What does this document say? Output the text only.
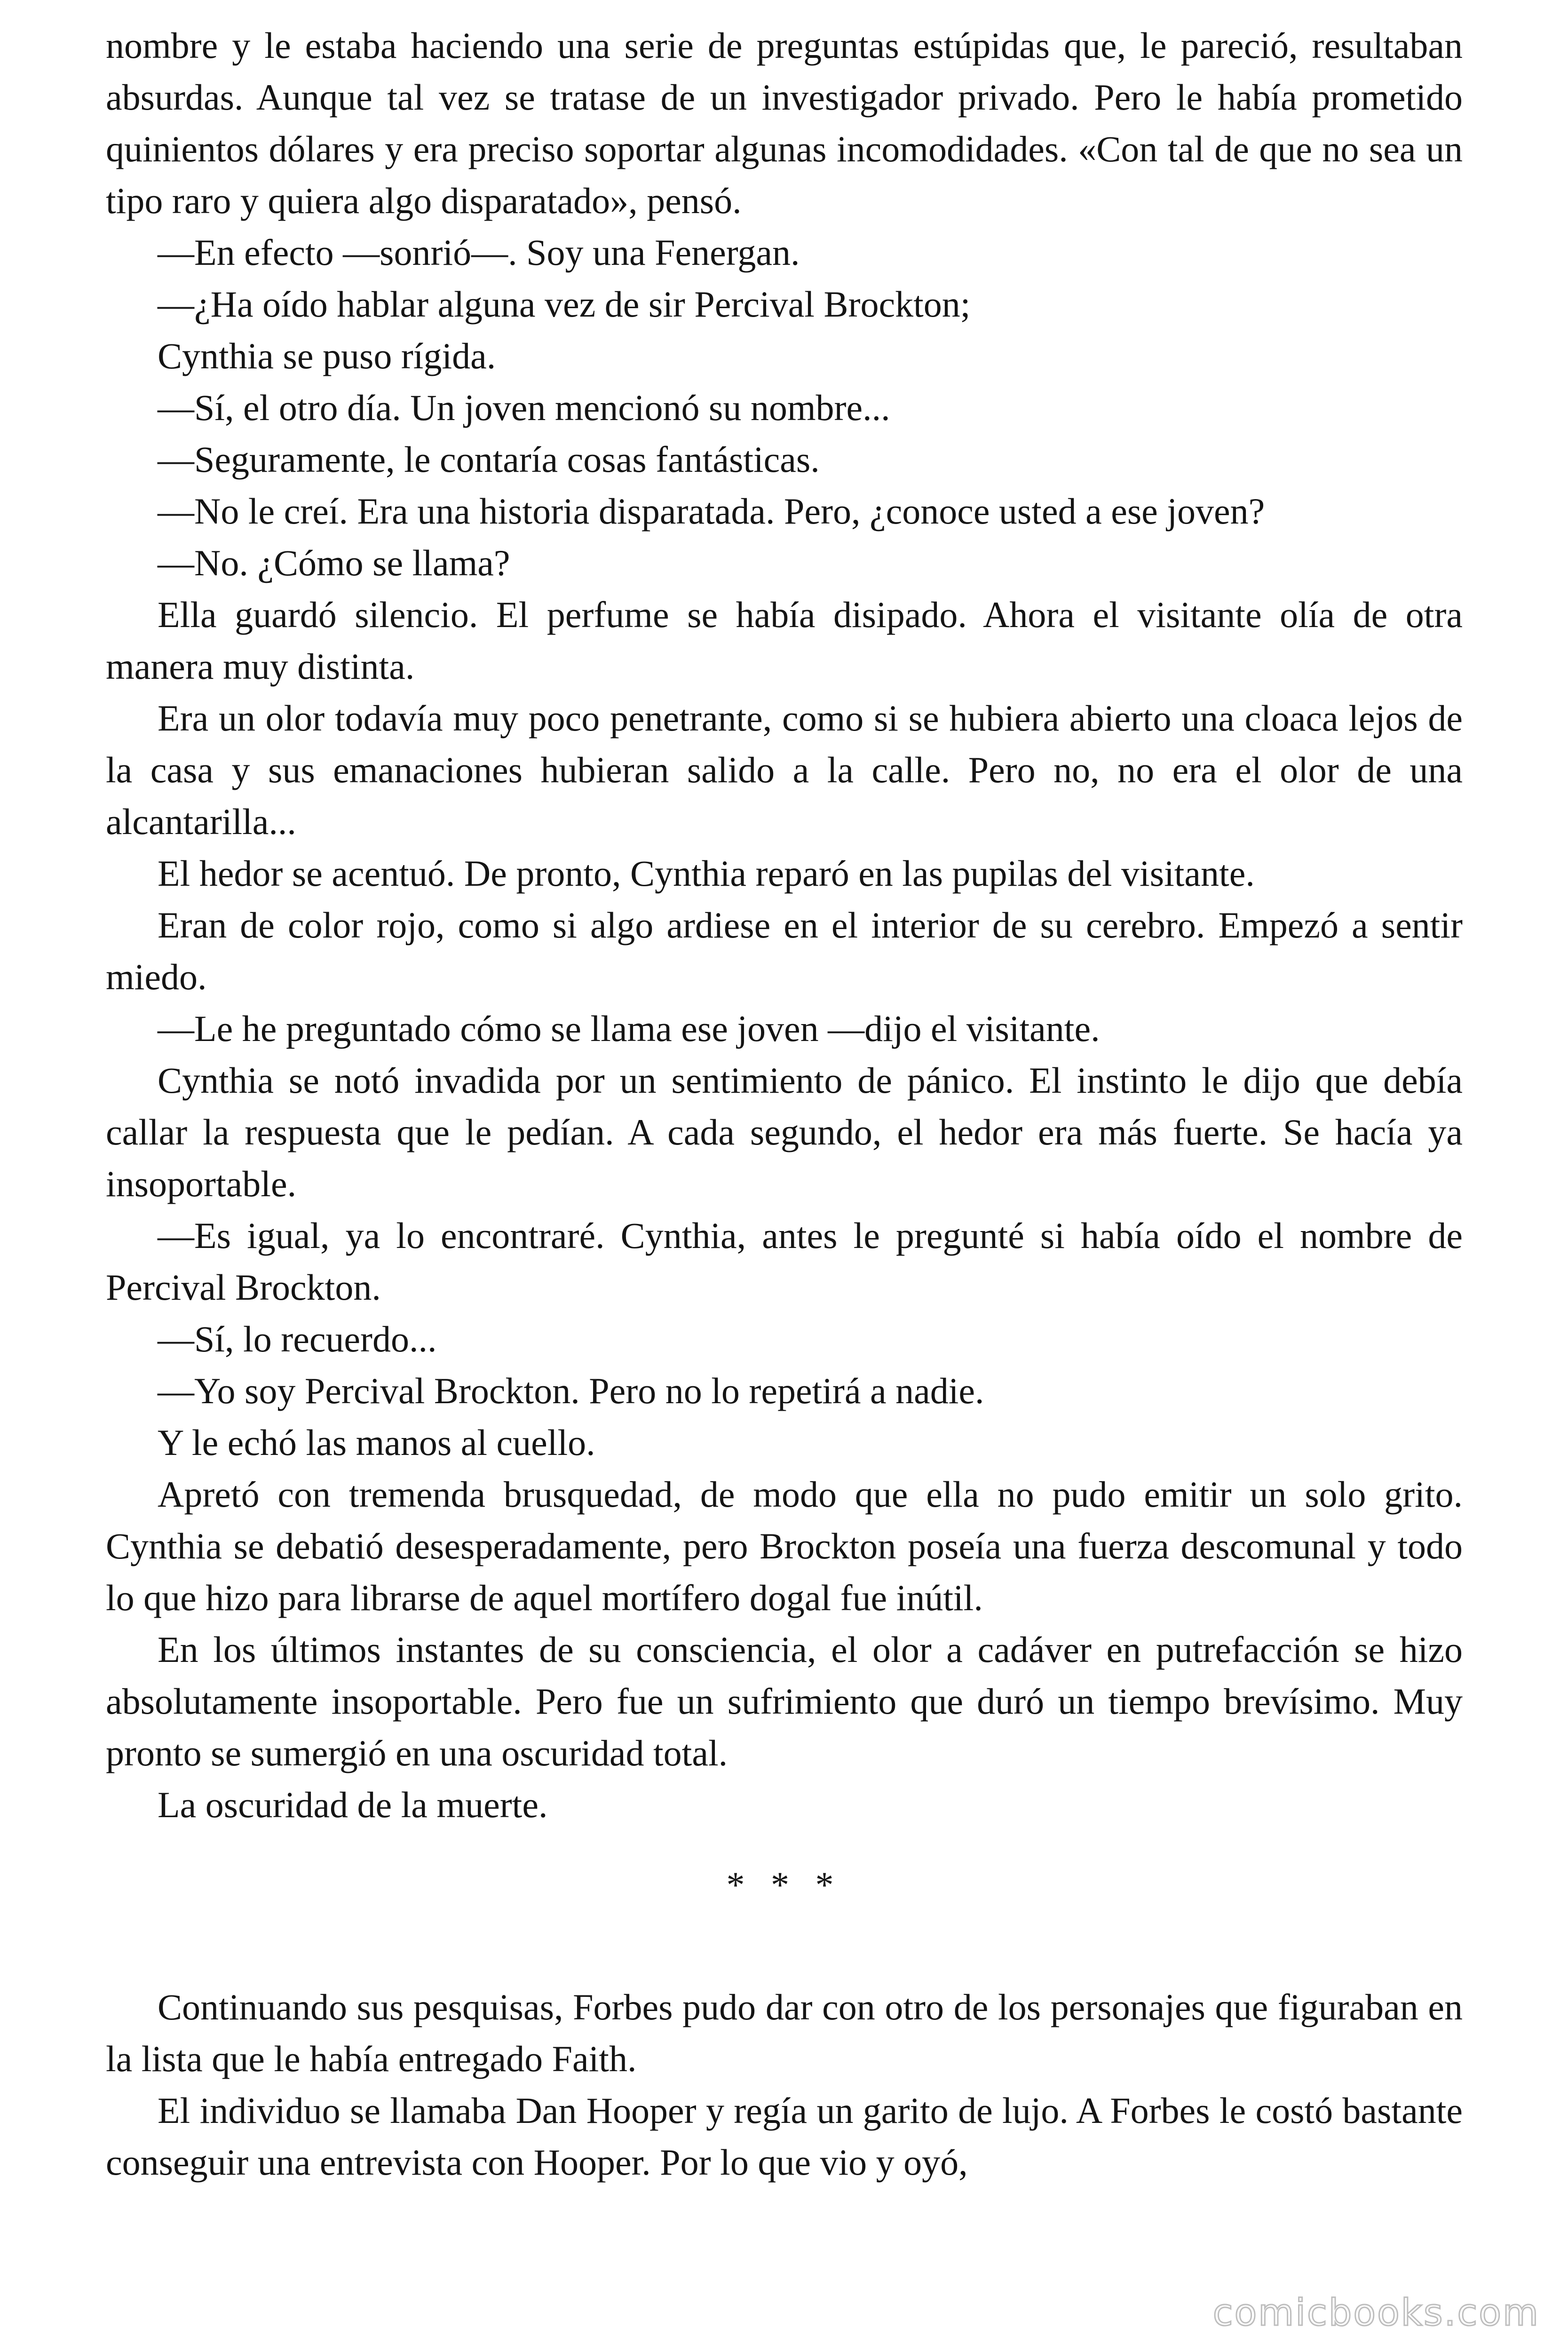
nombre y le estaba haciendo una serie de preguntas estúpidas que, le pareció, resultaban absurdas. Aunque tal vez se tratase de un investigador privado. Pero le había prometido quinientos dólares y era preciso soportar algunas incomodidades. «Con tal de que no sea un tipo raro y quiera algo disparatado», pensó.

—En efecto —sonrió—. Soy una Fenergan.

—¿Ha oído hablar alguna vez de sir Percival Brockton;

Cynthia se puso rígida.

—Sí, el otro día. Un joven mencionó su nombre...

—Seguramente, le contaría cosas fantásticas.

—No le creí. Era una historia disparatada. Pero, ¿conoce usted a ese joven?

—No. ¿Cómo se llama?

Ella guardó silencio. El perfume se había disipado. Ahora el visitante olía de otra manera muy distinta.

Era un olor todavía muy poco penetrante, como si se hubiera abierto una cloaca lejos de la casa y sus emanaciones hubieran salido a la calle. Pero no, no era el olor de una alcantarilla...

El hedor se acentuó. De pronto, Cynthia reparó en las pupilas del visitante.

Eran de color rojo, como si algo ardiese en el interior de su cerebro. Empezó a sentir miedo.

—Le he preguntado cómo se llama ese joven —dijo el visitante.

Cynthia se notó invadida por un sentimiento de pánico. El instinto le dijo que debía callar la respuesta que le pedían. A cada segundo, el hedor era más fuerte. Se hacía ya insoportable.

—Es igual, ya lo encontraré. Cynthia, antes le pregunté si había oído el nombre de Percival Brockton.

—Sí, lo recuerdo...

—Yo soy Percival Brockton. Pero no lo repetirá a nadie.

Y le echó las manos al cuello.

Apretó con tremenda brusquedad, de modo que ella no pudo emitir un solo grito. Cynthia se debatió desesperadamente, pero Brockton poseía una fuerza descomunal y todo lo que hizo para librarse de aquel mortífero dogal fue inútil.

En los últimos instantes de su consciencia, el olor a cadáver en putrefacción se hizo absolutamente insoportable. Pero fue un sufrimiento que duró un tiempo brevísimo. Muy pronto se sumergió en una oscuridad total.

La oscuridad de la muerte.

* * *

Continuando sus pesquisas, Forbes pudo dar con otro de los personajes que figuraban en la lista que le había entregado Faith.

El individuo se llamaba Dan Hooper y regía un garito de lujo. A Forbes le costó bastante conseguir una entrevista con Hooper. Por lo que vio y oyó,

comicbooks.com
